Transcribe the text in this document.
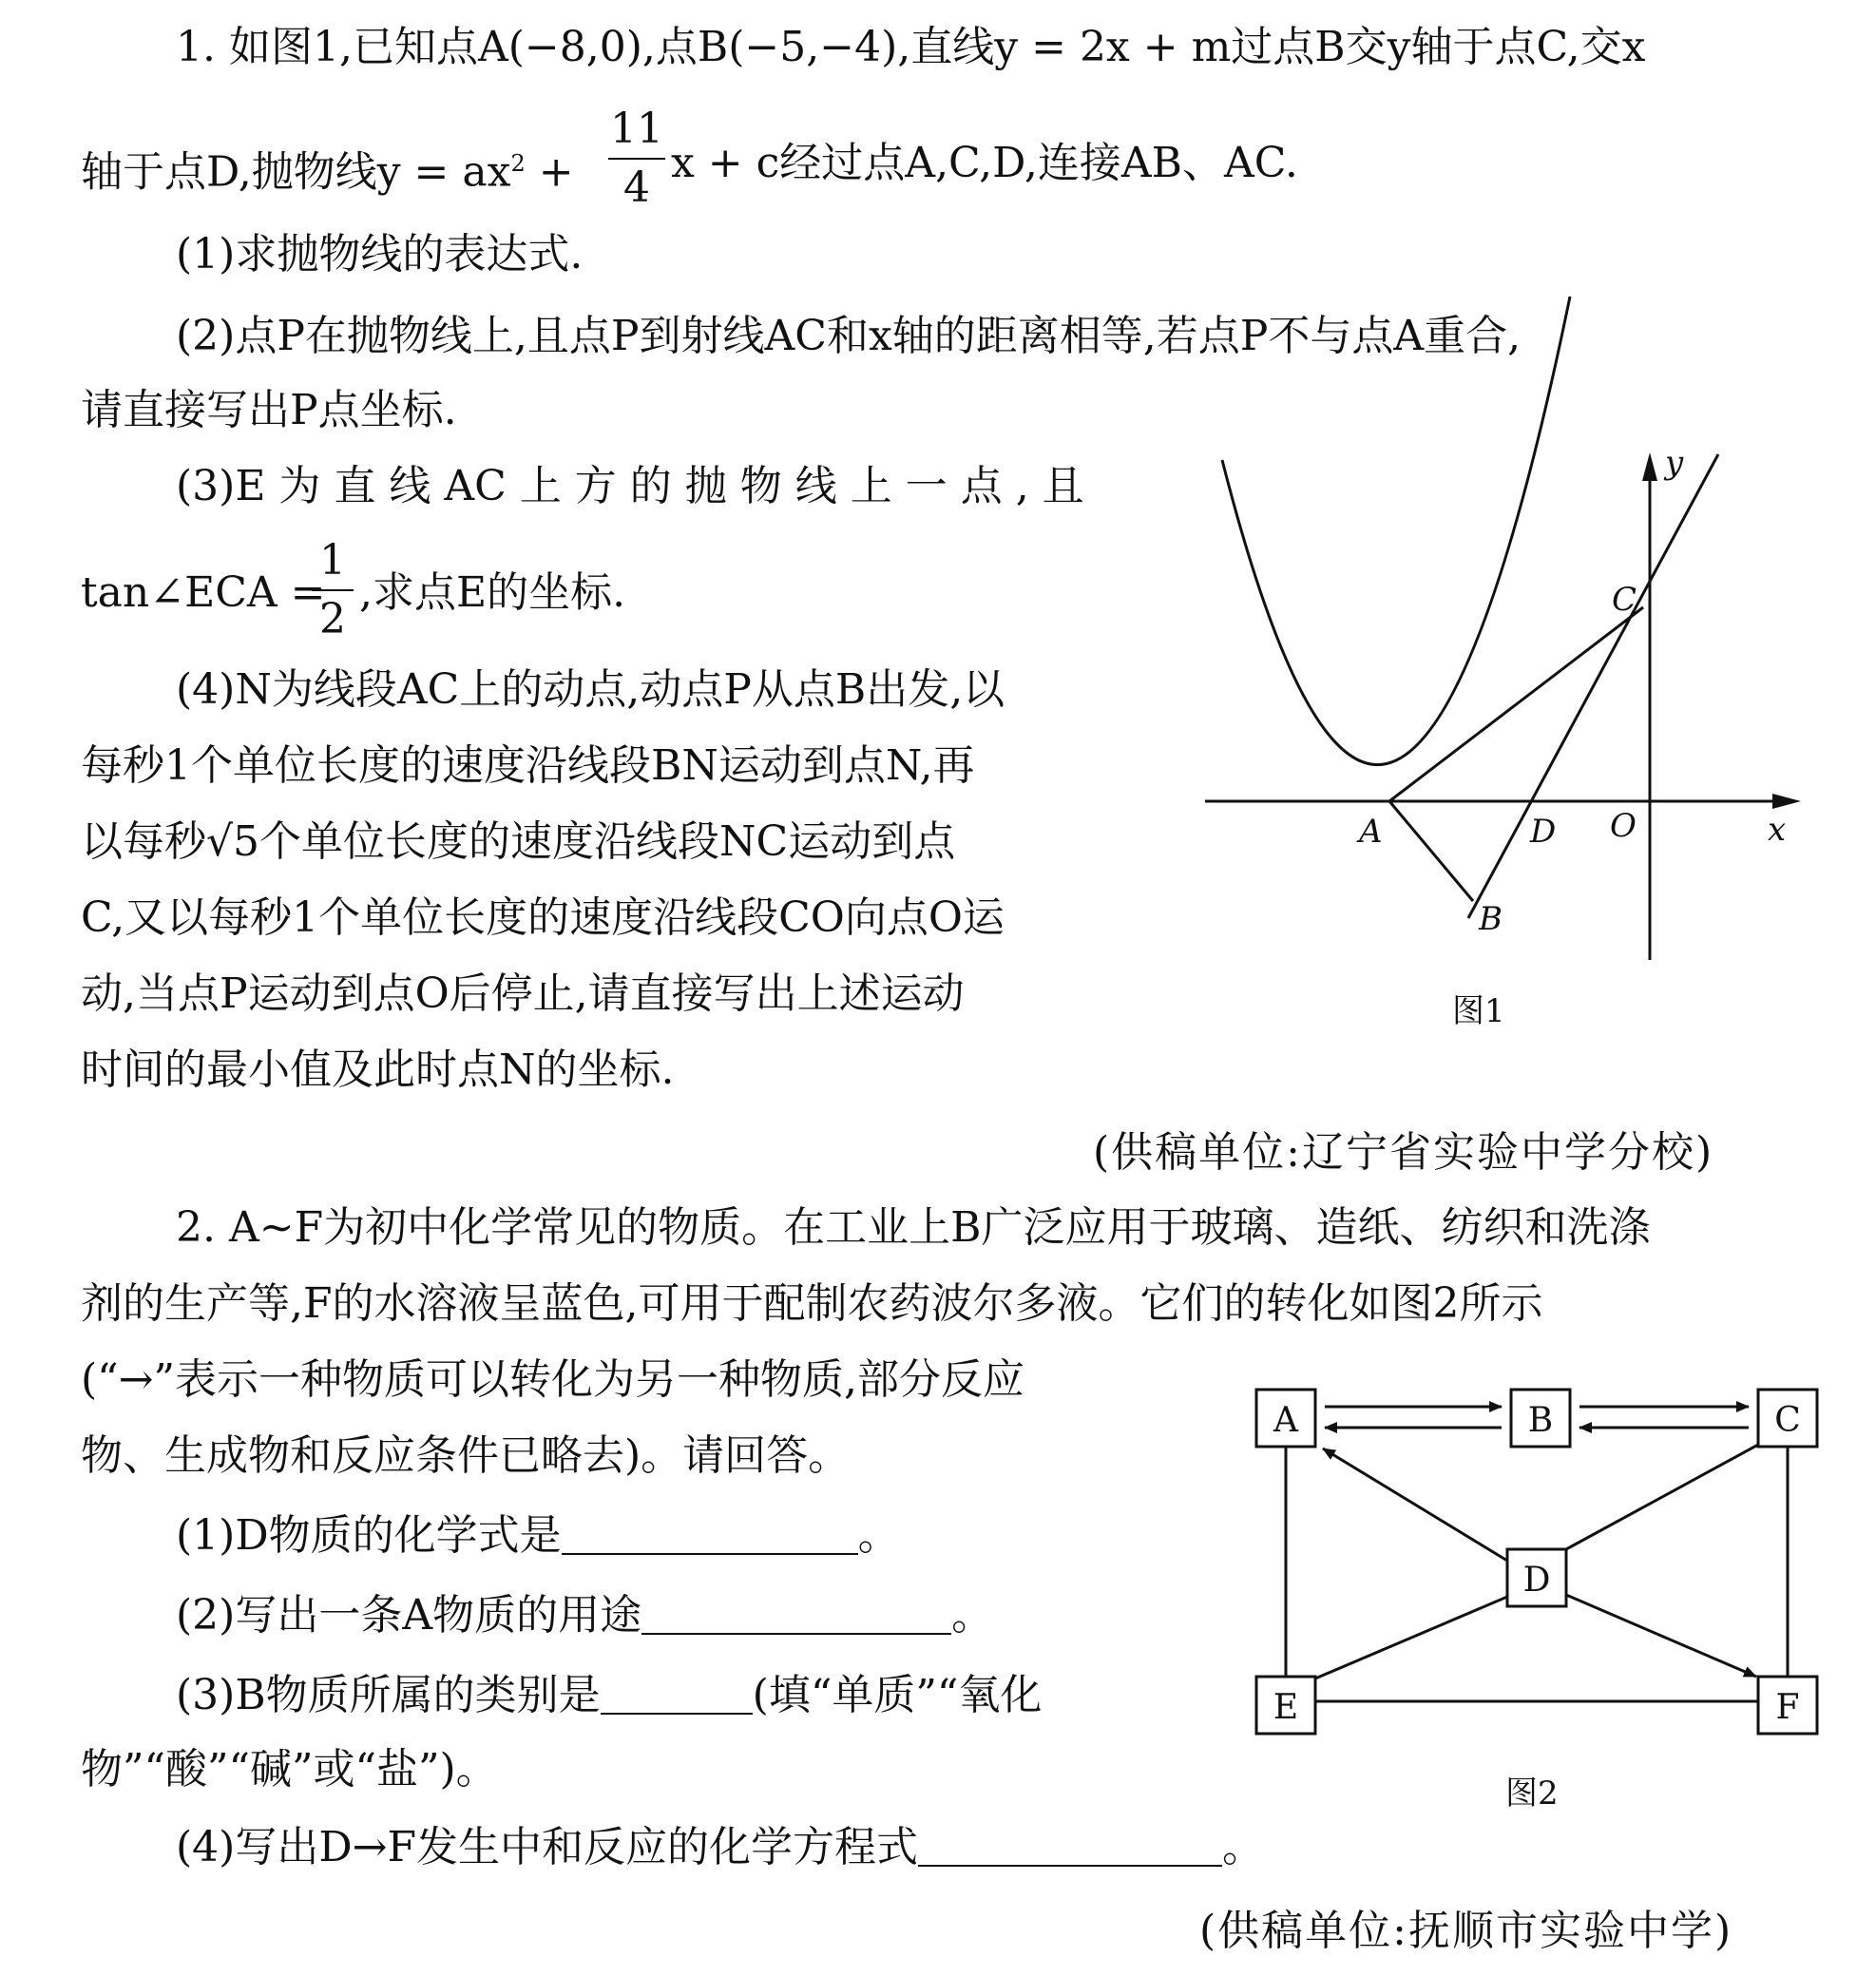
1. 如图1,已知点A(−8,0),点B(−5,−4),直线y = 2x + m过点B交y轴于点C,交x
轴于点D,抛物线$y = ax^2$ +
11
4
x + c经过点A,C,D,连接AB、AC.
(1)求抛物线的表达式.
(2)点P在抛物线上,且点P到射线AC和x轴的距离相等,若点P不与点A重合,
请直接写出P点坐标.
(3)E 为 直 线 AC 上 方 的 抛 物 线 上 一 点 , 且
tan∠ECA =
1
2
,求点E的坐标.
(4)N为线段AC上的动点,动点P从点B出发,以
每秒1个单位长度的速度沿线段BN运动到点N,再
以每秒√5个单位长度的速度沿线段NC运动到点
C,又以每秒1个单位长度的速度沿线段CO向点O运
动,当点P运动到点O后停止,请直接写出上述运动
时间的最小值及此时点N的坐标.
(供稿单位:辽宁省实验中学分校)
y
C
A	D O	x
B
图1
2. A~F为初中化学常见的物质。在工业上B广泛应用于玻璃、造纸、纺织和洗涤
剂的生产等,F的水溶液呈蓝色,可用于配制农药波尔多液。它们的转化如图2所示
(“→”表示一种物质可以转化为另一种物质,部分反应
物、生成物和反应条件已略去)。请回答。
(1)D物质的化学式是	。
(2)写出一条A物质的用途	。
(3)B物质所属的类别是	(填“单质”“氧化
物”“酸”“碱”或“盐”)。
(4)写出D→F发生中和反应的化学方程式	。
(供稿单位:抚顺市实验中学)
A	B	C
D
E	F
图2
